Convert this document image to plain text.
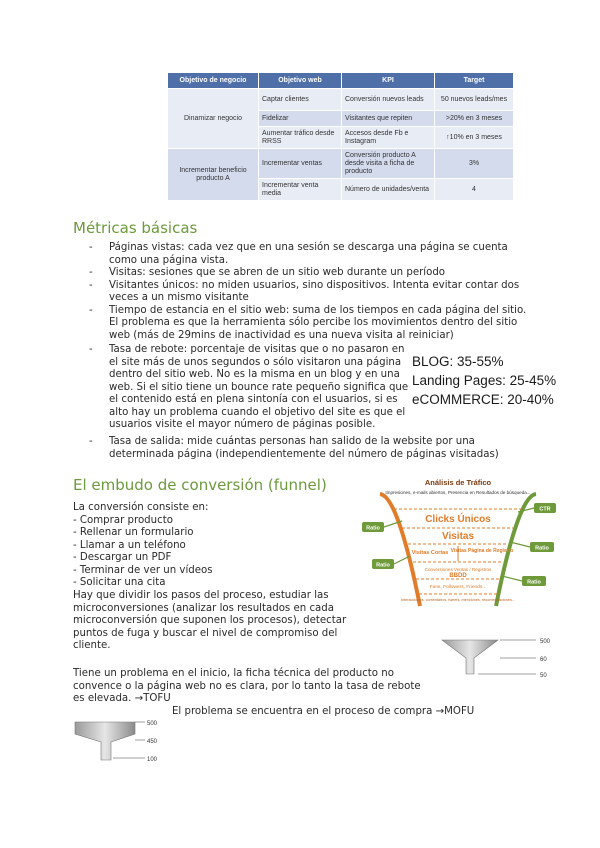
Objetivo de negocio	Objetivo web	KPI	Target
Dinamizar negocio	Captar clientes	Conversión nuevos leads	50 nuevos leads/mes
	Fidelizar	Visitantes que repiten	>20% en 3 meses
	Aumentar tráfico desde RRSS	Accesos desde Fb e Instagram	↑10% en 3 meses
Incrementar beneficio producto A	Incrementar ventas	Conversión producto A desde visita a ficha de producto	3%
	Incrementar venta media	Número de unidades/venta	4
Métricas básicas
- Páginas vistas: cada vez que en una sesión se descarga una página se cuenta como una página vista.
- Visitas: sesiones que se abren de un sitio web durante un período
- Visitantes únicos: no miden usuarios, sino dispositivos. Intenta evitar contar dos veces a un mismo visitante
- Tiempo de estancia en el sitio web: suma de los tiempos en cada página del sitio. El problema es que la herramienta sólo percibe los movimientos dentro del sitio web (más de 29mins de inactividad es una nueva visita al reiniciar)
- Tasa de rebote: porcentaje de visitas que o no pasaron en el site más de unos segundos o sólo visitaron una página dentro del sitio web. No es la misma en un blog y en una web. Si el sitio tiene un bounce rate pequeño significa que el contenido está en plena sintonía con el usuarios, si es alto hay un problema cuando el objetivo del site es que el usuarios visite el mayor número de páginas posible.
- Tasa de salida: mide cuántas personas han salido de la website por una determinada página (independientemente del número de páginas visitadas)
BLOG: 35-55%
Landing Pages: 25-45%
eCOMMERCE: 20-40%
El embudo de conversión (funnel)
La conversión consiste en:
- Comprar producto
- Rellenar un formulario
- Llamar a un teléfono
- Descargar un PDF
- Terminar de ver un vídeos
- Solicitar una cita
Hay que dividir los pasos del proceso, estudiar las microconversiones (analizar los resultados en cada microconversión que suponen los procesos), detectar puntos de fuga y buscar el nivel de compromiso del cliente.
Tiene un problema en el inicio, la ficha técnica del producto no convence o la página web no es clara, por lo tanto la tasa de rebote es elevada. →TOFU
El problema se encuentra en el proceso de compra →MOFU
Análisis de Tráfico
Impresiones, e-mails abiertos, Presencia en Resultados de búsqueda...
Clicks Únicos
Visitas
Visitas Cortas Visitas Página de Registro
Conversiones Ventas / Registros
BBDD
Fans, Followers, Friends...
Interacciones, comentarios, tweets, menciones, recomendaciones...
Ratio
Ratio
CTR
Ratio
Ratio
500
60
50
500
450
100
